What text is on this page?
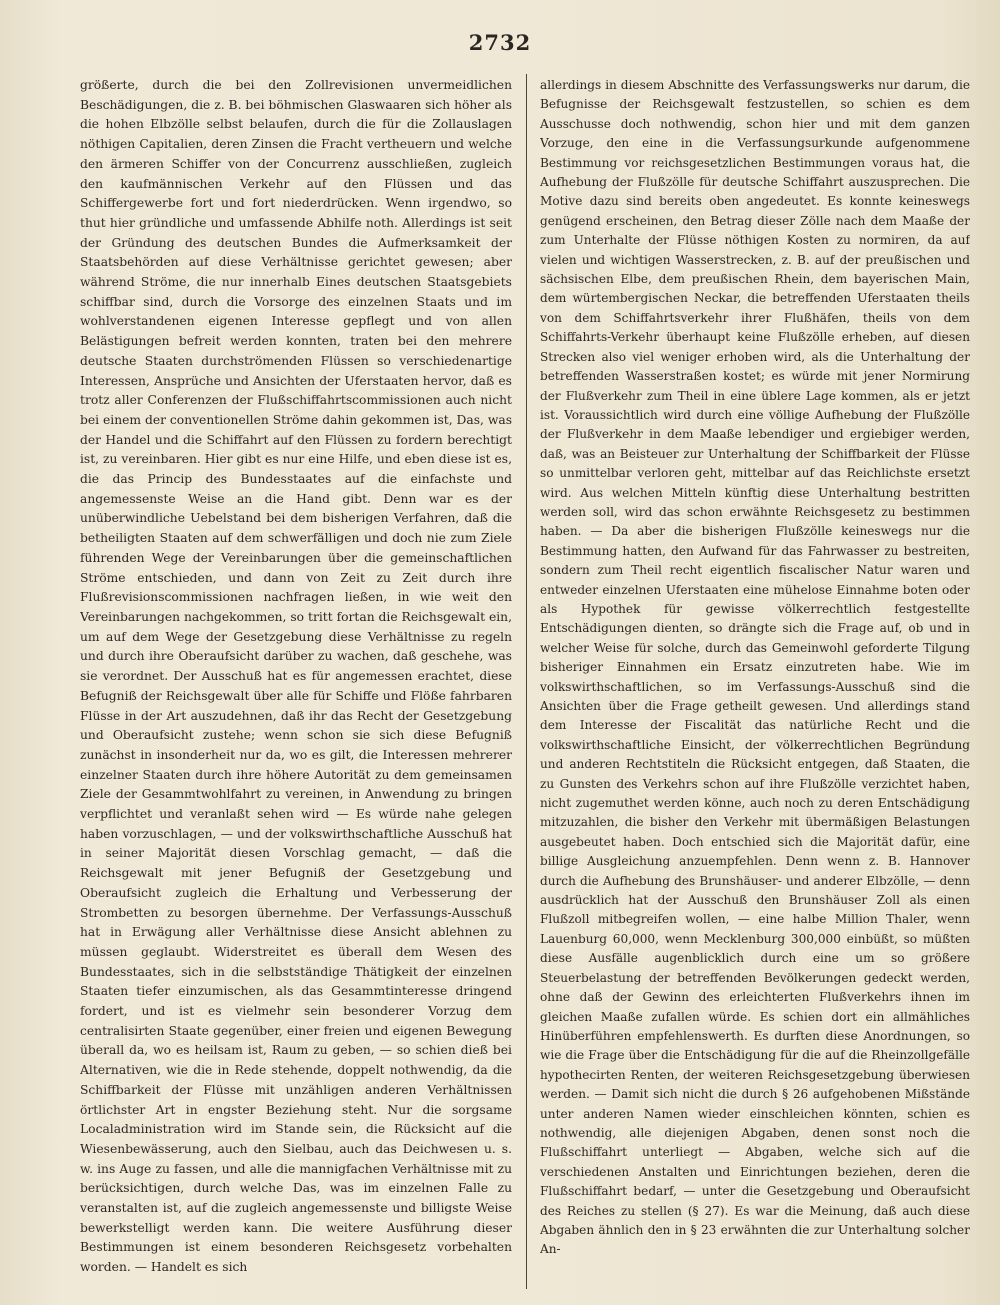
2732

größerte, durch die bei den Zollrevisionen unvermeidlichen Beschädigungen, die z. B. bei böhmischen Glaswaaren sich höher als die hohen Elbzölle selbst belaufen, durch die für die Zollauslagen nöthigen Capitalien, deren Zinsen die Fracht vertheuern und welche den ärmeren Schiffer von der Concurrenz ausschließen, zugleich den kaufmännischen Verkehr auf den Flüssen und das Schiffergewerbe fort und fort niederdrücken. Wenn irgendwo, so thut hier gründliche und umfassende Abhilfe noth. Allerdings ist seit der Gründung des deutschen Bundes die Aufmerksamkeit der Staatsbehörden auf diese Verhältnisse gerichtet gewesen; aber während Ströme, die nur innerhalb Eines deutschen Staatsgebiets schiffbar sind, durch die Vorsorge des einzelnen Staats und im wohlverstandenen eigenen Interesse gepflegt und von allen Belästigungen befreit werden konnten, traten bei den mehrere deutsche Staaten durchströmenden Flüssen so verschiedenartige Interessen, Ansprüche und Ansichten der Uferstaaten hervor, daß es trotz aller Conferenzen der Flußschiffahrtscommissionen auch nicht bei einem der conventionellen Ströme dahin gekommen ist, Das, was der Handel und die Schiffahrt auf den Flüssen zu fordern berechtigt ist, zu vereinbaren. Hier gibt es nur eine Hilfe, und eben diese ist es, die das Princip des Bundesstaates auf die einfachste und angemessenste Weise an die Hand gibt. Denn war es der unüberwindliche Uebelstand bei dem bisherigen Verfahren, daß die betheiligten Staaten auf dem schwerfälligen und doch nie zum Ziele führenden Wege der Vereinbarungen über die gemeinschaftlichen Ströme entschieden, und dann von Zeit zu Zeit durch ihre Flußrevisionscommissionen nachfragen ließen, in wie weit den Vereinbarungen nachgekommen, so tritt fortan die Reichsgewalt ein, um auf dem Wege der Gesetzgebung diese Verhältnisse zu regeln und durch ihre Oberaufsicht darüber zu wachen, daß geschehe, was sie verordnet. Der Ausschuß hat es für angemessen erachtet, diese Befugniß der Reichsgewalt über alle für Schiffe und Flöße fahrbaren Flüsse in der Art auszudehnen, daß ihr das Recht der Gesetzgebung und Oberaufsicht zustehe; wenn schon sie sich diese Befugniß zunächst in insonderheit nur da, wo es gilt, die Interessen mehrerer einzelner Staaten durch ihre höhere Autorität zu dem gemeinsamen Ziele der Gesammtwohlfahrt zu vereinen, in Anwendung zu bringen verpflichtet und veranlaßt sehen wird — Es würde nahe gelegen haben vorzuschlagen, — und der volkswirthschaftliche Ausschuß hat in seiner Majorität diesen Vorschlag gemacht, — daß die Reichsgewalt mit jener Befugniß der Gesetzgebung und Oberaufsicht zugleich die Erhaltung und Verbesserung der Strombetten zu besorgen übernehme. Der Verfassungs-Ausschuß hat in Erwägung aller Verhältnisse diese Ansicht ablehnen zu müssen geglaubt. Widerstreitet es überall dem Wesen des Bundesstaates, sich in die selbstständige Thätigkeit der einzelnen Staaten tiefer einzumischen, als das Gesammtinteresse dringend fordert, und ist es vielmehr sein besonderer Vorzug dem centralisirten Staate gegenüber, einer freien und eigenen Bewegung überall da, wo es heilsam ist, Raum zu geben, — so schien dieß bei Alternativen, wie die in Rede stehende, doppelt nothwendig, da die Schiffbarkeit der Flüsse mit unzähligen anderen Verhältnissen örtlichster Art in engster Beziehung steht. Nur die sorgsame Localadministration wird im Stande sein, die Rücksicht auf die Wiesenbewässerung, auch den Sielbau, auch das Deichwesen u. s. w. ins Auge zu fassen, und alle die mannigfachen Verhältnisse mit zu berücksichtigen, durch welche Das, was im einzelnen Falle zu veranstalten ist, auf die zugleich angemessenste und billigste Weise bewerkstelligt werden kann. Die weitere Ausführung dieser Bestimmungen ist einem besonderen Reichsgesetz vorbehalten worden. — Handelt es sich

allerdings in diesem Abschnitte des Verfassungswerks nur darum, die Befugnisse der Reichsgewalt festzustellen, so schien es dem Ausschusse doch nothwendig, schon hier und mit dem ganzen Vorzuge, den eine in die Verfassungsurkunde aufgenommene Bestimmung vor reichsgesetzlichen Bestimmungen voraus hat, die Aufhebung der Flußzölle für deutsche Schiffahrt auszusprechen. Die Motive dazu sind bereits oben angedeutet. Es konnte keineswegs genügend erscheinen, den Betrag dieser Zölle nach dem Maaße der zum Unterhalte der Flüsse nöthigen Kosten zu normiren, da auf vielen und wichtigen Wasserstrecken, z. B. auf der preußischen und sächsischen Elbe, dem preußischen Rhein, dem bayerischen Main, dem würtembergischen Neckar, die betreffenden Uferstaaten theils von dem Schiffahrtsverkehr ihrer Flußhäfen, theils von dem Schiffahrts-Verkehr überhaupt keine Flußzölle erheben, auf diesen Strecken also viel weniger erhoben wird, als die Unterhaltung der betreffenden Wasserstraßen kostet; es würde mit jener Normirung der Flußverkehr zum Theil in eine üblere Lage kommen, als er jetzt ist. Voraussichtlich wird durch eine völlige Aufhebung der Flußzölle der Flußverkehr in dem Maaße lebendiger und ergiebiger werden, daß, was an Beisteuer zur Unterhaltung der Schiffbarkeit der Flüsse so unmittelbar verloren geht, mittelbar auf das Reichlichste ersetzt wird. Aus welchen Mitteln künftig diese Unterhaltung bestritten werden soll, wird das schon erwähnte Reichsgesetz zu bestimmen haben. — Da aber die bisherigen Flußzölle keineswegs nur die Bestimmung hatten, den Aufwand für das Fahrwasser zu bestreiten, sondern zum Theil recht eigentlich fiscalischer Natur waren und entweder einzelnen Uferstaaten eine mühelose Einnahme boten oder als Hypothek für gewisse völkerrechtlich festgestellte Entschädigungen dienten, so drängte sich die Frage auf, ob und in welcher Weise für solche, durch das Gemeinwohl geforderte Tilgung bisheriger Einnahmen ein Ersatz einzutreten habe. Wie im volkswirthschaftlichen, so im Verfassungs-Ausschuß sind die Ansichten über die Frage getheilt gewesen. Und allerdings stand dem Interesse der Fiscalität das natürliche Recht und die volkswirthschaftliche Einsicht, der völkerrechtlichen Begründung und anderen Rechtstiteln die Rücksicht entgegen, daß Staaten, die zu Gunsten des Verkehrs schon auf ihre Flußzölle verzichtet haben, nicht zugemuthet werden könne, auch noch zu deren Entschädigung mitzuzahlen, die bisher den Verkehr mit übermäßigen Belastungen ausgebeutet haben. Doch entschied sich die Majorität dafür, eine billige Ausgleichung anzuempfehlen. Denn wenn z. B. Hannover durch die Aufhebung des Brunshäuser- und anderer Elbzölle, — denn ausdrücklich hat der Ausschuß den Brunshäuser Zoll als einen Flußzoll mitbegreifen wollen, — eine halbe Million Thaler, wenn Lauenburg 60,000, wenn Mecklenburg 300,000 einbüßt, so müßten diese Ausfälle augenblicklich durch eine um so größere Steuerbelastung der betreffenden Bevölkerungen gedeckt werden, ohne daß der Gewinn des erleichterten Flußverkehrs ihnen im gleichen Maaße zufallen würde. Es schien dort ein allmähliches Hinüberführen empfehlenswerth. Es durften diese Anordnungen, so wie die Frage über die Entschädigung für die auf die Rheinzollgefälle hypothecirten Renten, der weiteren Reichsgesetzgebung überwiesen werden. — Damit sich nicht die durch § 26 aufgehobenen Mißstände unter anderen Namen wieder einschleichen könnten, schien es nothwendig, alle diejenigen Abgaben, denen sonst noch die Flußschiffahrt unterliegt — Abgaben, welche sich auf die verschiedenen Anstalten und Einrichtungen beziehen, deren die Flußschiffahrt bedarf, — unter die Gesetzgebung und Oberaufsicht des Reiches zu stellen (§ 27). Es war die Meinung, daß auch diese Abgaben ähnlich den in § 23 erwähnten die zur Unterhaltung solcher An-
